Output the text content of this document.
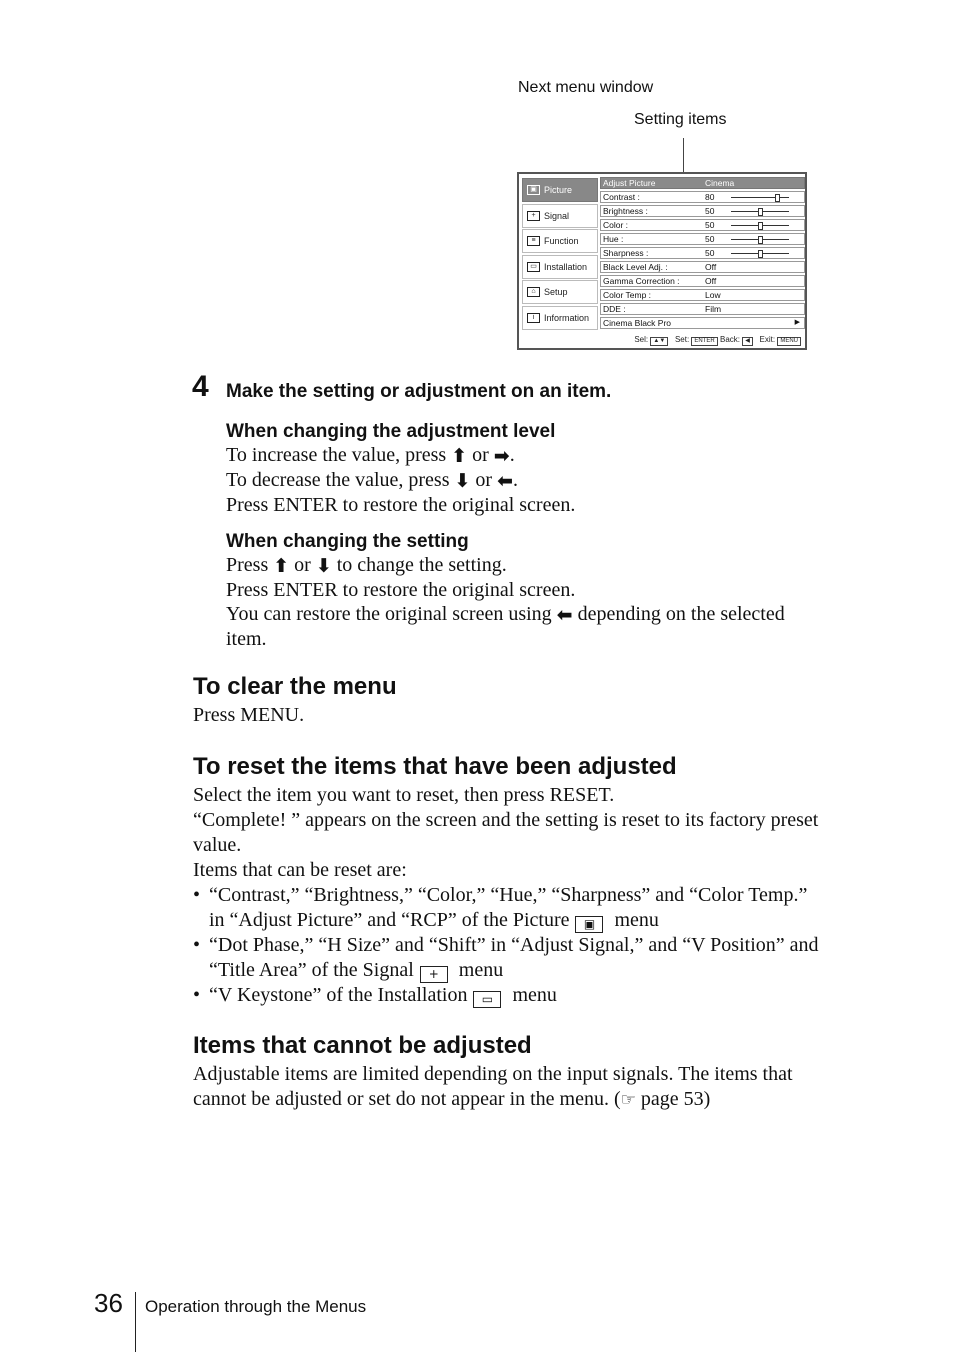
Next menu window
Setting items
▣ Picture
+ Signal
≡ Function
▭ Installation
⌂ Setup
i	Information
Adjust Picture	Cinema
Contrast :	80
Brightness :	50
Color :	50
Hue :	50
Sharpness :	50
Black Level Adj. :	Off
Gamma Correction :	Off
Color Temp :	Low
DDE :	Film
Cinema Black Pro	▶
Sel: ▲▼ Set: ENTER Back: ◀ Exit: MENU
4 Make the setting or adjustment on an item.
When changing the adjustment level
To increase the value, press ⬆ or ➡.
To decrease the value, press ⬇ or ⬅.
Press ENTER to restore the original screen.
When changing the setting
Press ⬆ or ⬇ to change the setting.
Press ENTER to restore the original screen.
You can restore the original screen using ⬅ depending on the selected
item.
To clear the menu
Press MENU.
To reset the items that have been adjusted
Select the item you want to reset, then press RESET.
“Complete! ” appears on the screen and the setting is reset to its factory preset
value.
Items that can be reset are:
• “Contrast,” “Brightness,” “Color,” “Hue,” “Sharpness” and “Color Temp.”
in “Adjust Picture” and “RCP” of the Picture ▣ menu
• “Dot Phase,” “H Size” and “Shift” in “Adjust Signal,” and “V Position” and
“Title Area” of the Signal + menu
• “V Keystone” of the Installation ▭ menu
Items that cannot be adjusted
Adjustable items are limited depending on the input signals. The items that
cannot be adjusted or set do not appear in the menu. (☞ page 53)
36 Operation through the Menus
